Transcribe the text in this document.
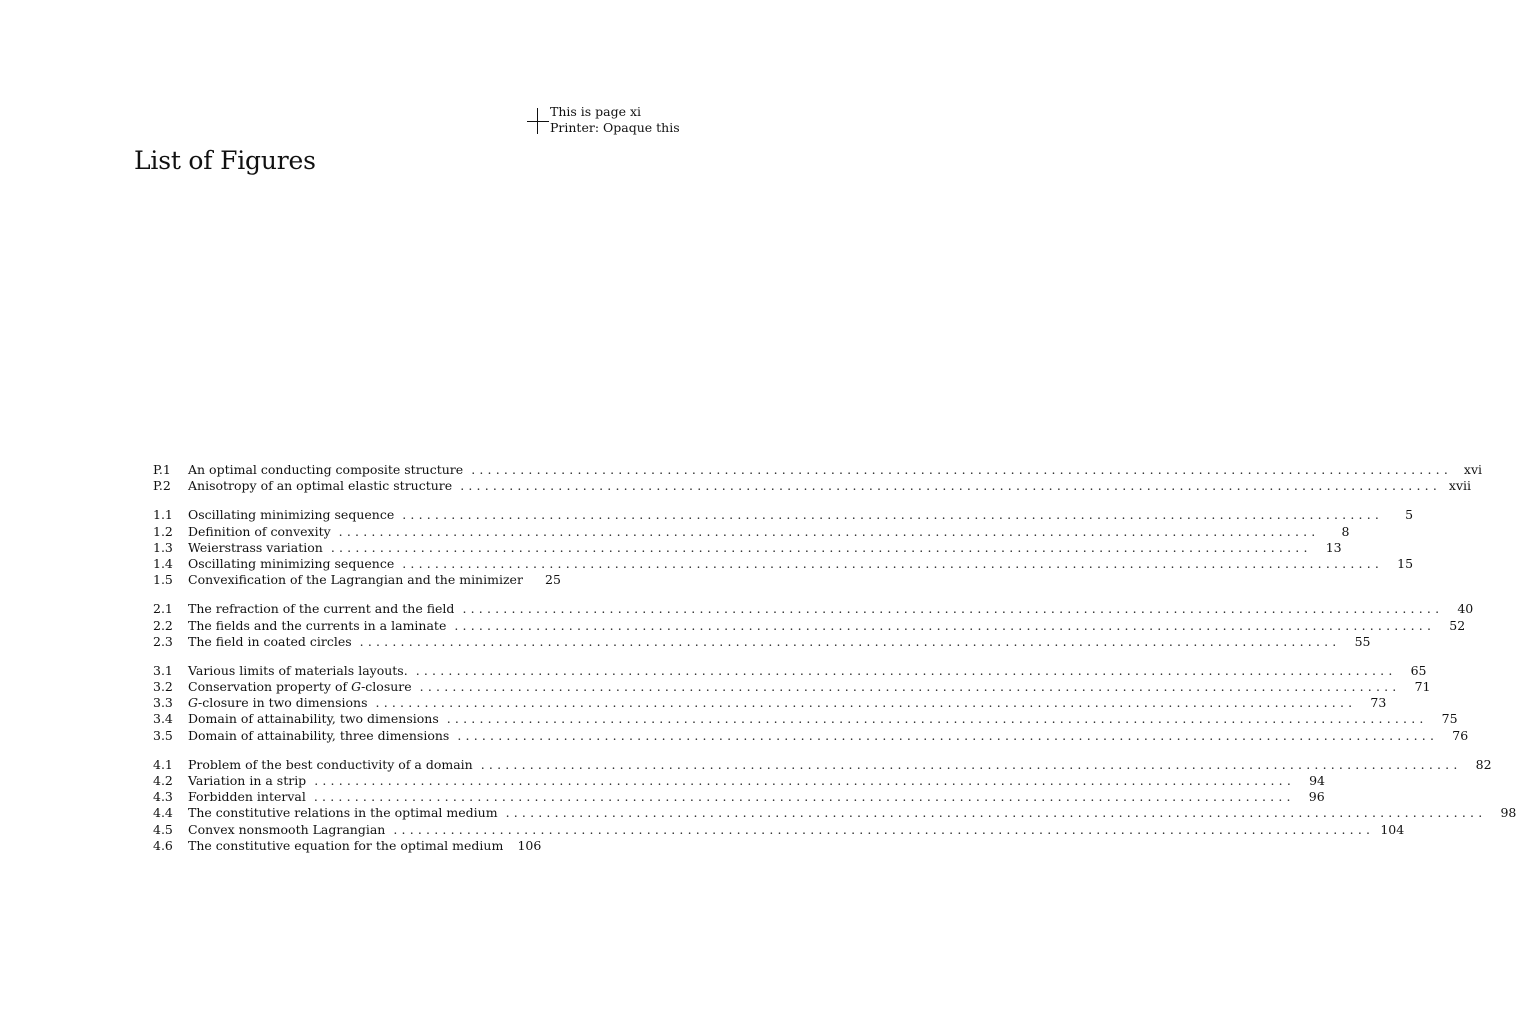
This is page xi
Printer: Opaque this
List of Figures
P.1	An optimal conducting composite structure ........................................................................................................................ xvi
P.2	Anisotropy of an optimal elastic structure ........................................................................................................................ xvii
1.1	Oscillating minimizing sequence ........................................................................................................................	5
1.2	Definition of convexity ........................................................................................................................	8
1.3	Weierstrass variation ........................................................................................................................	13
1.4	Oscillating minimizing sequence ........................................................................................................................	15
1.5	Convexification of the Lagrangian and the minimizer	25
2.1	The refraction of the current and the field ........................................................................................................................	40
2.2	The fields and the currents in a laminate ........................................................................................................................	52
2.3	The field in coated circles ........................................................................................................................	55
3.1	Various limits of materials layouts. ........................................................................................................................	65
3.2	Conservation property of G-closure ........................................................................................................................	71
3.3	G-closure in two dimensions ........................................................................................................................	73
3.4	Domain of attainability, two dimensions ........................................................................................................................	75
3.5	Domain of attainability, three dimensions ........................................................................................................................	76
4.1	Problem of the best conductivity of a domain ........................................................................................................................	82
4.2	Variation in a strip ........................................................................................................................	94
4.3	Forbidden interval ........................................................................................................................	96
4.4	The constitutive relations in the optimal medium ........................................................................................................................	98
4.5	Convex nonsmooth Lagrangian ........................................................................................................................ 104
4.6	The constitutive equation for the optimal medium 106
